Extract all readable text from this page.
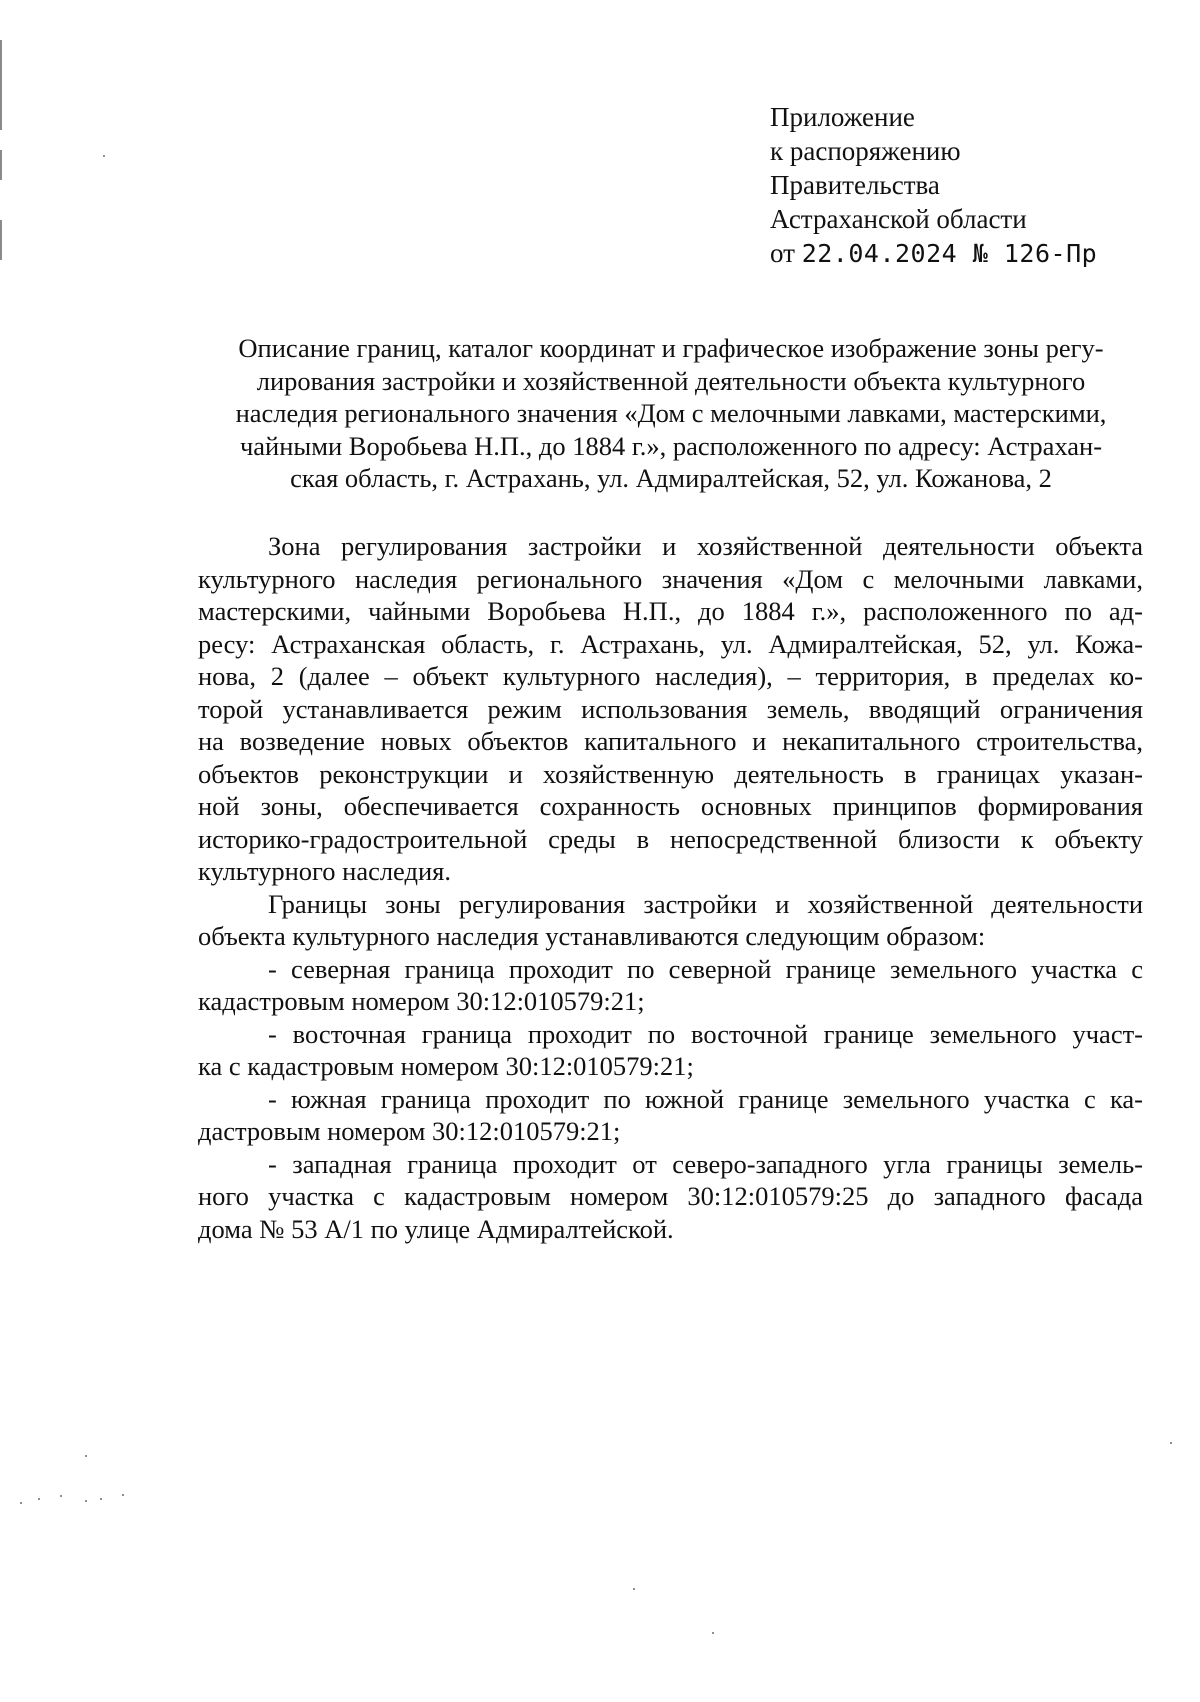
Приложение
к распоряжению
Правительства
Астраханской области
от 22.04.2024 № 126-Пр
Описание границ, каталог координат и графическое изображение зоны регу-
лирования застройки и хозяйственной деятельности объекта культурного
наследия регионального значения «Дом с мелочными лавками, мастерскими,
чайными Воробьева Н.П., до 1884 г.», расположенного по адресу: Астрахан-
ская область, г. Астрахань, ул. Адмиралтейская, 52, ул. Кожанова, 2
Зона регулирования застройки и хозяйственной деятельности объекта
культурного наследия регионального значения «Дом с мелочными лавками,
мастерскими, чайными Воробьева Н.П., до 1884 г.», расположенного по ад-
ресу: Астраханская область, г. Астрахань, ул. Адмиралтейская, 52, ул. Кожа-
нова, 2 (далее – объект культурного наследия), – территория, в пределах ко-
торой устанавливается режим использования земель, вводящий ограничения
на возведение новых объектов капитального и некапитального строительства,
объектов реконструкции и хозяйственную деятельность в границах указан-
ной зоны, обеспечивается сохранность основных принципов формирования
историко-градостроительной среды в непосредственной близости к объекту
культурного наследия.
Границы зоны регулирования застройки и хозяйственной деятельности
объекта культурного наследия устанавливаются следующим образом:
- северная граница проходит по северной границе земельного участка с
кадастровым номером 30:12:010579:21;
- восточная граница проходит по восточной границе земельного участ-
ка с кадастровым номером 30:12:010579:21;
- южная граница проходит по южной границе земельного участка с ка-
дастровым номером 30:12:010579:21;
- западная граница проходит от северо-западного угла границы земель-
ного участка с кадастровым номером 30:12:010579:25 до западного фасада
дома № 53 А/1 по улице Адмиралтейской.
